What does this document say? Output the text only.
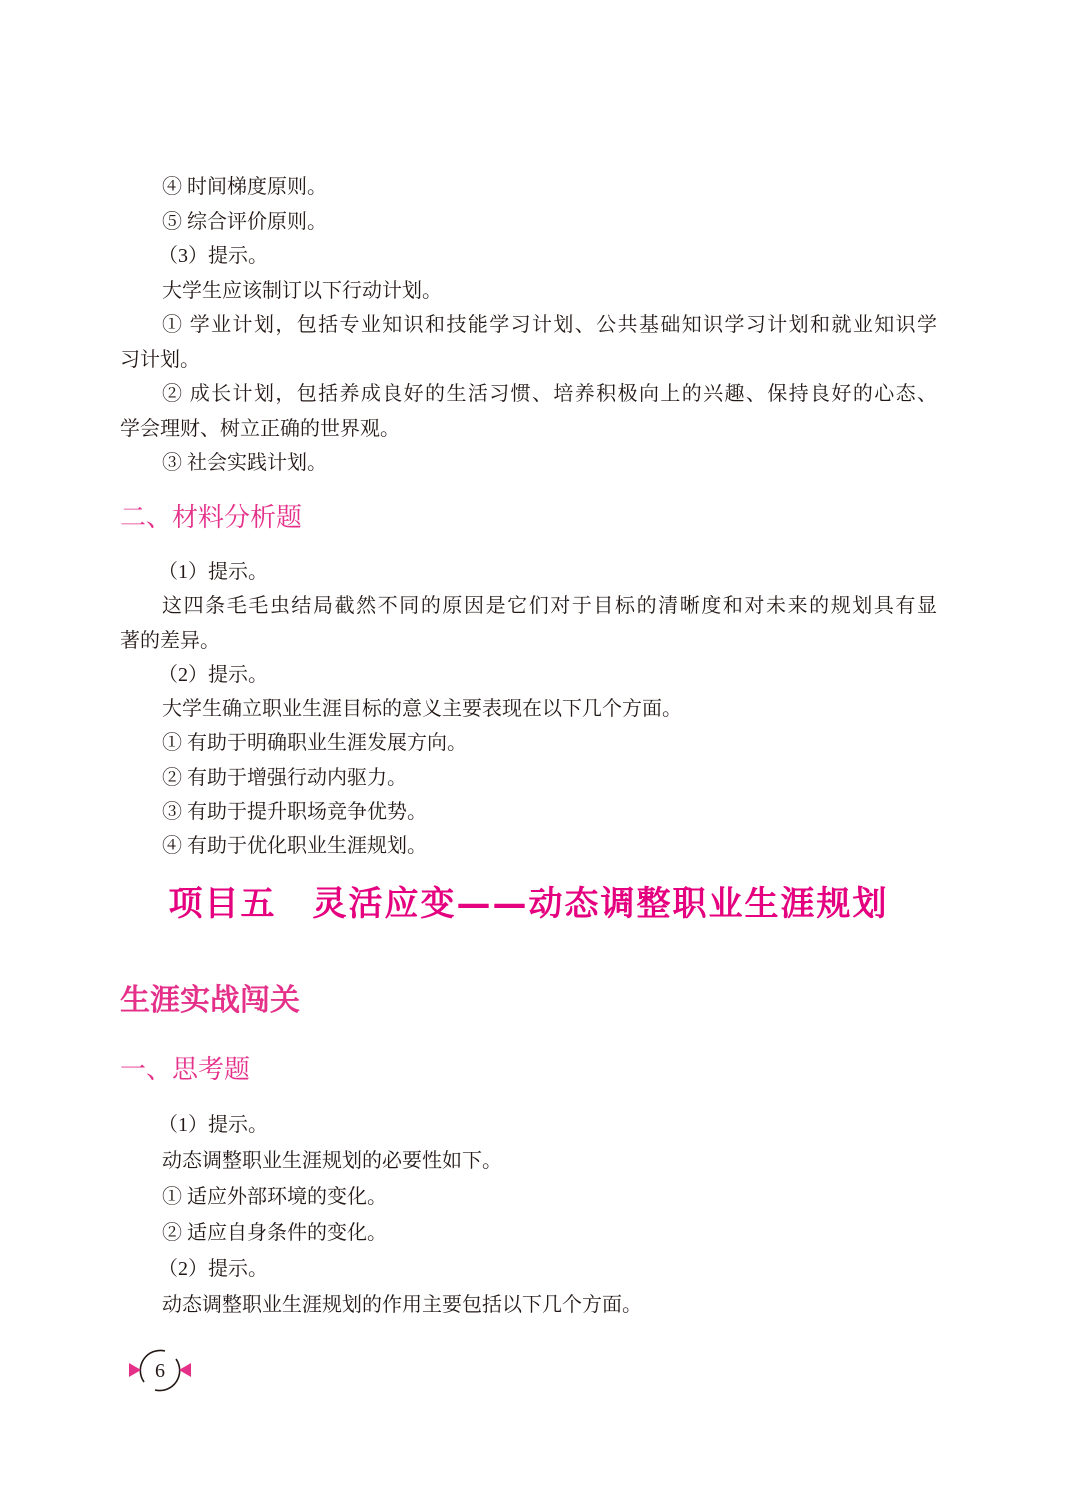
④ 时间梯度原则。
⑤ 综合评价原则。
（3）提示。
大学生应该制订以下行动计划。
① 学业计划，包括专业知识和技能学习计划、公共基础知识学习计划和就业知识学
习计划。
② 成长计划，包括养成良好的生活习惯、培养积极向上的兴趣、保持良好的心态、
学会理财、树立正确的世界观。
③ 社会实践计划。
二、材料分析题
（1）提示。
这四条毛毛虫结局截然不同的原因是它们对于目标的清晰度和对未来的规划具有显
著的差异。
（2）提示。
大学生确立职业生涯目标的意义主要表现在以下几个方面。
① 有助于明确职业生涯发展方向。
② 有助于增强行动内驱力。
③ 有助于提升职场竞争优势。
④ 有助于优化职业生涯规划。
项目五　灵活应变——动态调整职业生涯规划
生涯实战闯关
一、思考题
（1）提示。
动态调整职业生涯规划的必要性如下。
① 适应外部环境的变化。
② 适应自身条件的变化。
（2）提示。
动态调整职业生涯规划的作用主要包括以下几个方面。
6
